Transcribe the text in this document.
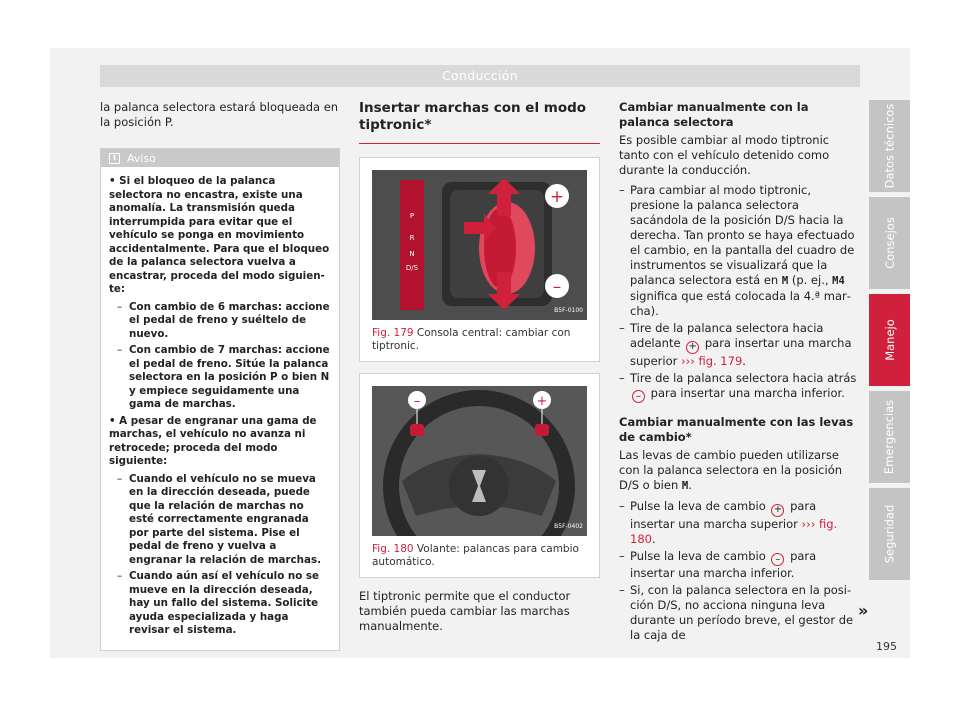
Conducción
Datos técnicos
Consejos
Manejo
Emergencias
Seguridad
»
195
la palanca selectora estará bloqueada en la posición P.
i Aviso
• Si el bloqueo de la palanca selectora no encastra, existe una anomalía. La transmisión queda interrumpida para evitar que el vehículo se ponga en movimiento accidentalmente. Para que el bloqueo de la palanca selectora vuelva a encastrar, proceda del modo siguiente:
– Con cambio de 6 marchas: accione el pedal de freno y suéltelo de nuevo.
– Con cambio de 7 marchas: accione el pedal de freno. Sitúe la palanca selectora en la posición P o bien N y empiece seguidamente una gama de marchas.
• A pesar de engranar una gama de marchas, el vehículo no avanza ni retrocede; proceda del modo siguiente:
– Cuando el vehículo no se mueva en la dirección deseada, puede que la relación de marchas no esté correctamente engranada por parte del sistema. Pise el pedal de freno y vuelva a engranar la relación de marchas.
– Cuando aún así el vehículo no se mueve en la dirección deseada, hay un fallo del sistema. Solicite ayuda especializada y haga revisar el sistema.
Insertar marchas con el modo tiptronic*
P
R
N
D/S
+
–
B5F-0100
Fig. 179 Consola central: cambiar con tiptronic.
–	+
B5F-0402
Fig. 180 Volante: palancas para cambio automático.
El tiptronic permite que el conductor también pueda cambiar las marchas manualmente.
Cambiar manualmente con la palanca selectora
Es posible cambiar al modo tiptronic tanto con el vehículo detenido como durante la conducción.
– Para cambiar al modo tiptronic, presione la palanca selectora sacándola de la posición D/S hacia la derecha. Tan pronto se haya efectuado el cambio, en la pantalla del cuadro de instrumentos se visualizará que la palanca selectora está en M (p. ej., M4 significa que está colocada la 4.ª marcha).
– Tire de la palanca selectora hacia adelante + para insertar una marcha superior ››› fig. 179.
– Tire de la palanca selectora hacia atrás – para insertar una marcha inferior.
Cambiar manualmente con las levas de cambio*
Las levas de cambio pueden utilizarse con la palanca selectora en la posición D/S o bien M.
– Pulse la leva de cambio + para insertar una marcha superior ››› fig. 180.
– Pulse la leva de cambio – para insertar una marcha inferior.
– Si, con la palanca selectora en la posición D/S, no acciona ninguna leva durante un período breve, el gestor de la caja de
